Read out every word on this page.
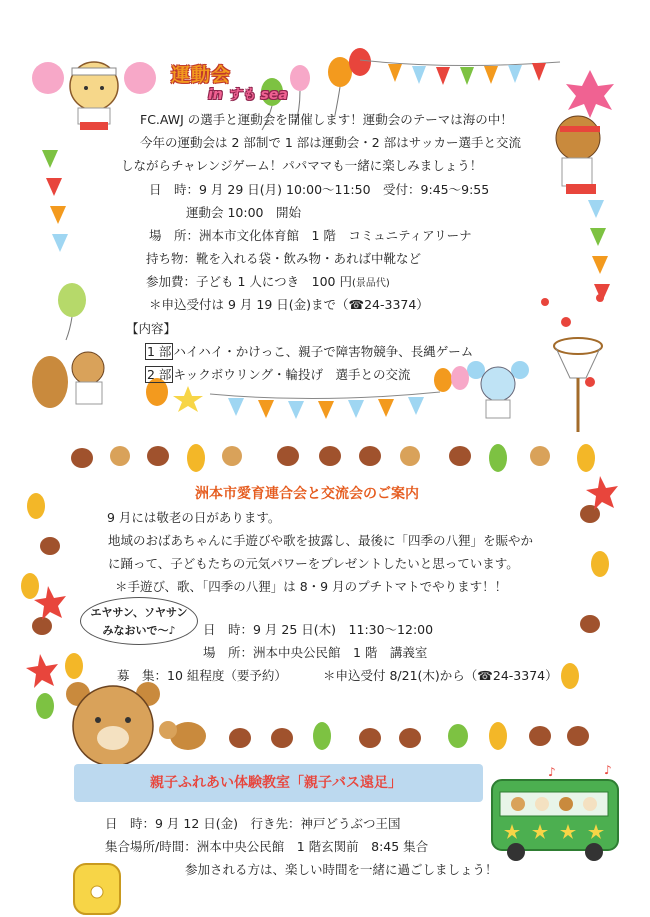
運動会
in すも sea
FC.AWJ の選手と運動会を開催します！運動会のテーマは海の中！
今年の運動会は 2 部制で 1 部は運動会・2 部はサッカー選手と交流
しながらチャレンジゲーム！パパママも一緒に楽しみましょう！
日　時：9 月 29 日(月) 10:00～11:50　受付：9:45～9:55
運動会 10:00　開始
場　所：洲本市文化体育館　1 階　コミュニティアリーナ
持ち物：靴を入れる袋・飲み物・あれば中靴など
参加費：子ども 1 人につき　100 円(景品代)
＊申込受付は 9 月 19 日(金)まで（☎24-3374）
【内容】
1 部 ハイハイ・かけっこ、親子で障害物競争、長縄ゲーム
2 部 キックボウリング・輪投げ　選手との交流
洲本市愛育連合会と交流会のご案内
9 月には敬老の日があります。
地域のおばあちゃんに手遊びや歌を披露し、最後に「四季の八狸」を賑やか
に踊って、子どもたちの元気パワーをプレゼントしたいと思っています。
＊手遊び、歌、「四季の八狸」は 8・9 月のプチトマトでやります！！
エヤサン、ソヤサン
みなおいで～♪	日　時：9 月 25 日(木)　11:30～12:00
場　所：洲本中央公民館　1 階　講義室
募　集：10 組程度（要予約）	＊申込受付 8/21(木)から（☎24-3374）
親子ふれあい体験教室「親子バス遠足」
日　時：9 月 12 日(金)　行き先：神戸どうぶつ王国
集合場所/時間：洲本中央公民館　1 階玄関前　8:45 集合
参加される方は、楽しい時間を一緒に過ごしましょう！
♪	♪
